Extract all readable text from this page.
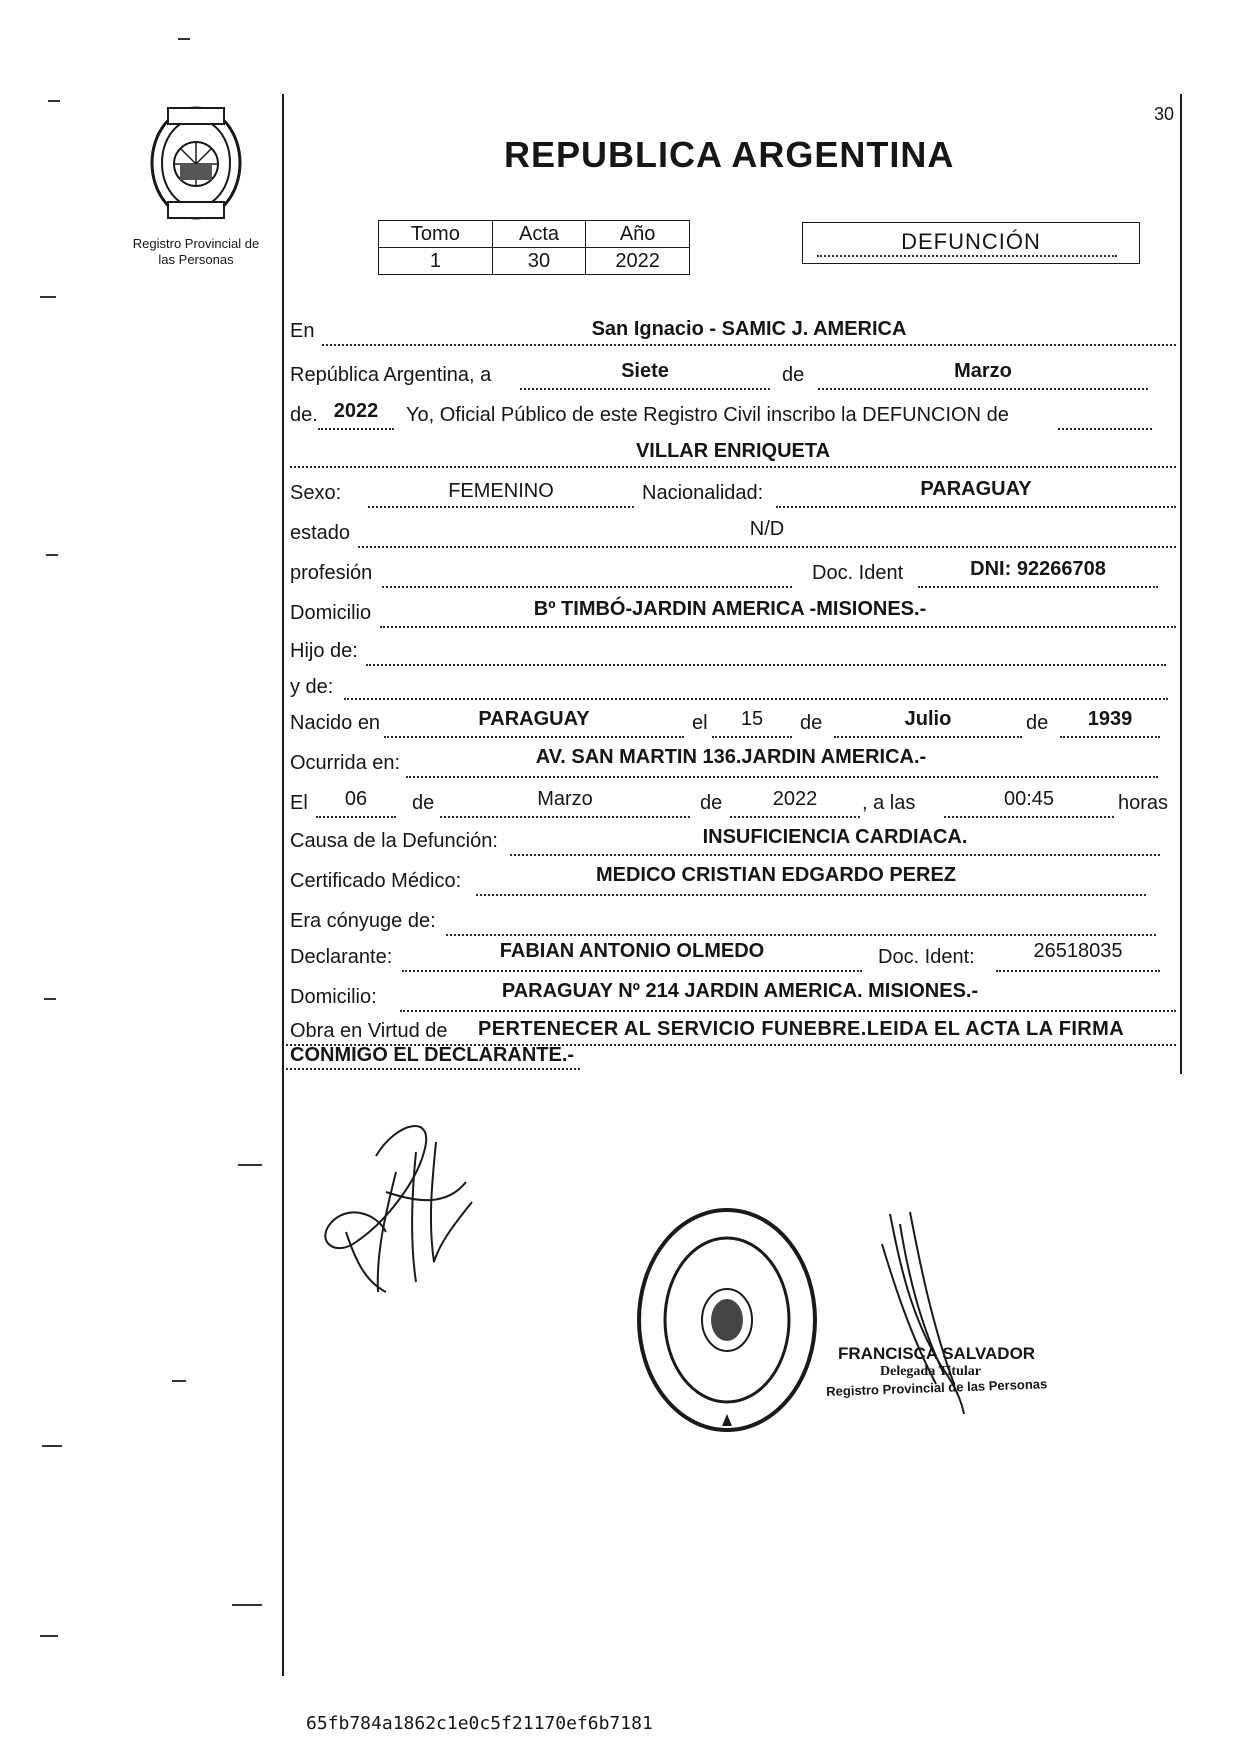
Registro Provincial de
las Personas
30
REPUBLICA ARGENTINA
Tomo	Acta	Año
1	30	2022
DEFUNCIÓN
En	San Ignacio - SAMIC J. AMERICA
República Argentina, a	Siete	de	Marzo
de. 2022	Yo, Oficial Público de este Registro Civil inscribo la DEFUNCION de
VILLAR ENRIQUETA
Sexo:	FEMENINO	Nacionalidad:	PARAGUAY
estado	N/D
profesión	Doc. Ident	DNI: 92266708
Domicilio	Bº TIMBÓ-JARDIN AMERICA -MISIONES.-
Hijo de:
y de:
Nacido en	PARAGUAY	el	15	de	Julio	de	1939
Ocurrida en:	AV. SAN MARTIN 136.JARDIN AMERICA.-
El	06	de	Marzo	de	2022	, a las	00:45	horas
Causa de la Defunción:	INSUFICIENCIA CARDIACA.
Certificado Médico:	MEDICO CRISTIAN EDGARDO PEREZ
Era cónyuge de:
Declarante:	FABIAN ANTONIO OLMEDO	Doc. Ident:	26518035
Domicilio:	PARAGUAY Nº 214 JARDIN AMERICA. MISIONES.-
Obra en Virtud de PERTENECER AL SERVICIO FUNEBRE.LEIDA EL ACTA LA FIRMA
CONMIGO EL DECLARANTE.-
FRANCISCA SALVADOR
Delegada Titular
Registro Provincial de las Personas
65fb784a1862c1e0c5f21170ef6b7181
